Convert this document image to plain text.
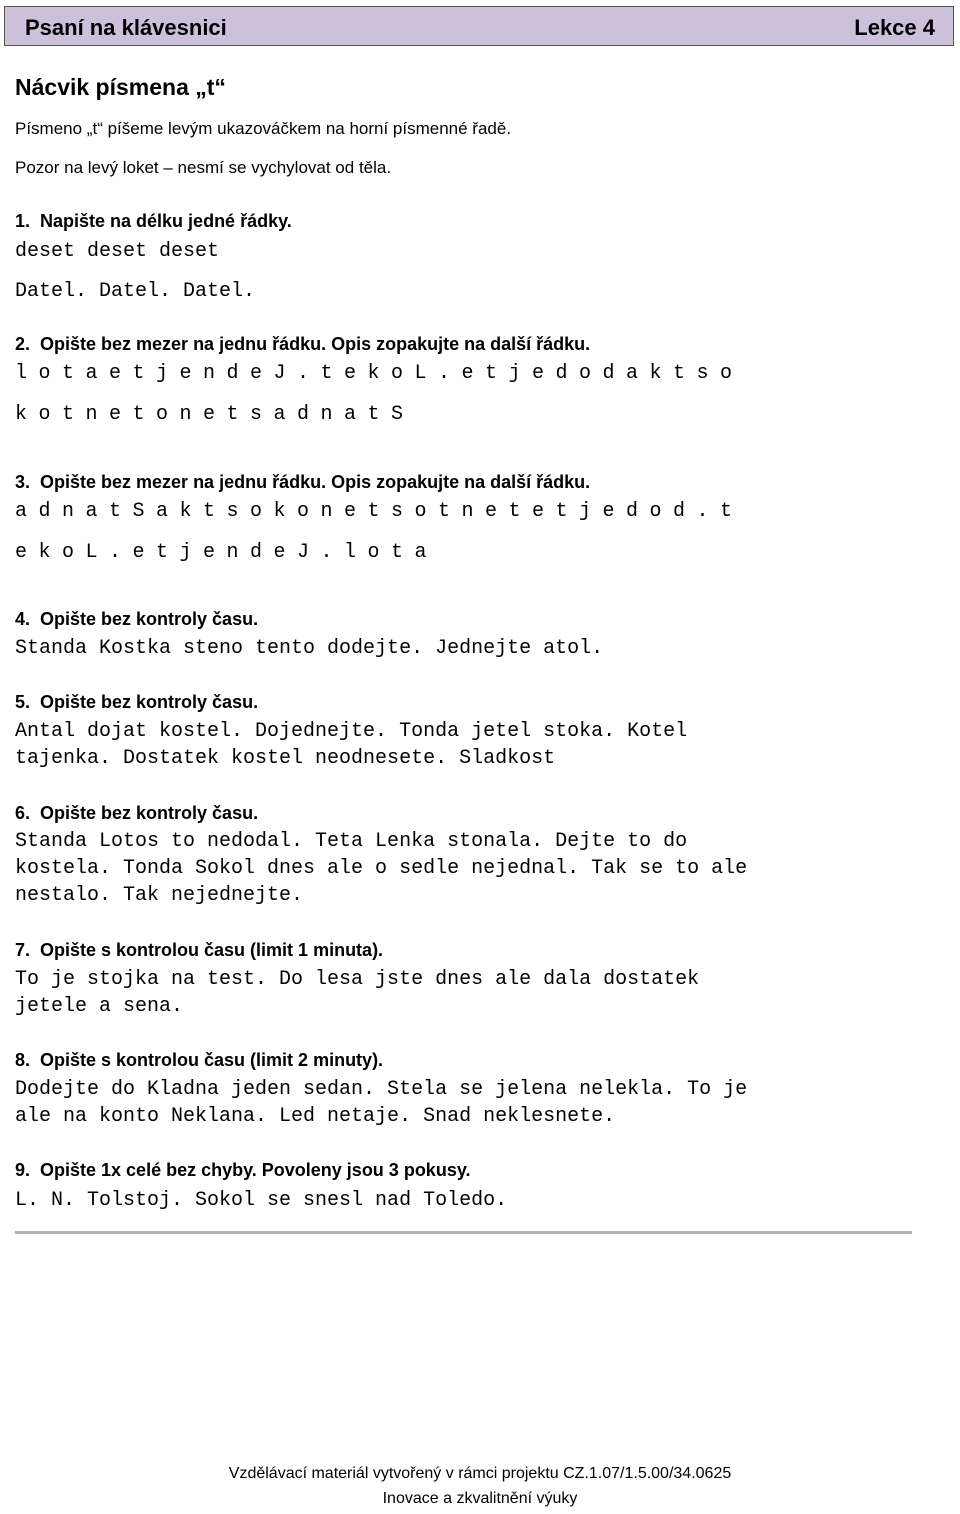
Psaní na klávesnici	Lekce 4
Nácvik písmena „t“
Písmeno „t“ píšeme levým ukazováčkem na horní písmenné řadě.
Pozor na levý loket – nesmí se vychylovat od těla.
1.  Napište na délku jedné řádky.
deset deset deset
Datel. Datel. Datel.
2.  Opište bez mezer na jednu řádku. Opis zopakujte na další řádku.
lotaetjendeJ.tekoL.etjedodaktso
kotnetonetsadnatS
3.  Opište bez mezer na jednu řádku. Opis zopakujte na další řádku.
adnatSaktsokonetsotnetetjedod.t
ekoL.etjendeJ.lota
4.  Opište bez kontroly času.
Standa Kostka steno tento dodejte. Jednejte atol.
5.  Opište bez kontroly času.
Antal dojat kostel. Dojednejte. Tonda jetel stoka. Kotel
tajenka. Dostatek kostel neodnesete. Sladkost
6.  Opište bez kontroly času.
Standa Lotos to nedodal. Teta Lenka stonala. Dejte to do
kostela. Tonda Sokol dnes ale o sedle nejednal. Tak se to ale
nestalo. Tak nejednejte.
7.  Opište s kontrolou času (limit 1 minuta).
To je stojka na test. Do lesa jste dnes ale dala dostatek
jetele a sena.
8.  Opište s kontrolou času (limit 2 minuty).
Dodejte do Kladna jeden sedan. Stela se jelena nelekla. To je
ale na konto Neklana. Led netaje. Snad neklesnete.
9.  Opište 1x celé bez chyby. Povoleny jsou 3 pokusy.
L. N. Tolstoj. Sokol se snesl nad Toledo.
Vzdělávací materiál vytvořený v rámci projektu CZ.1.07/1.5.00/34.0625
Inovace a zkvalitnění výuky
